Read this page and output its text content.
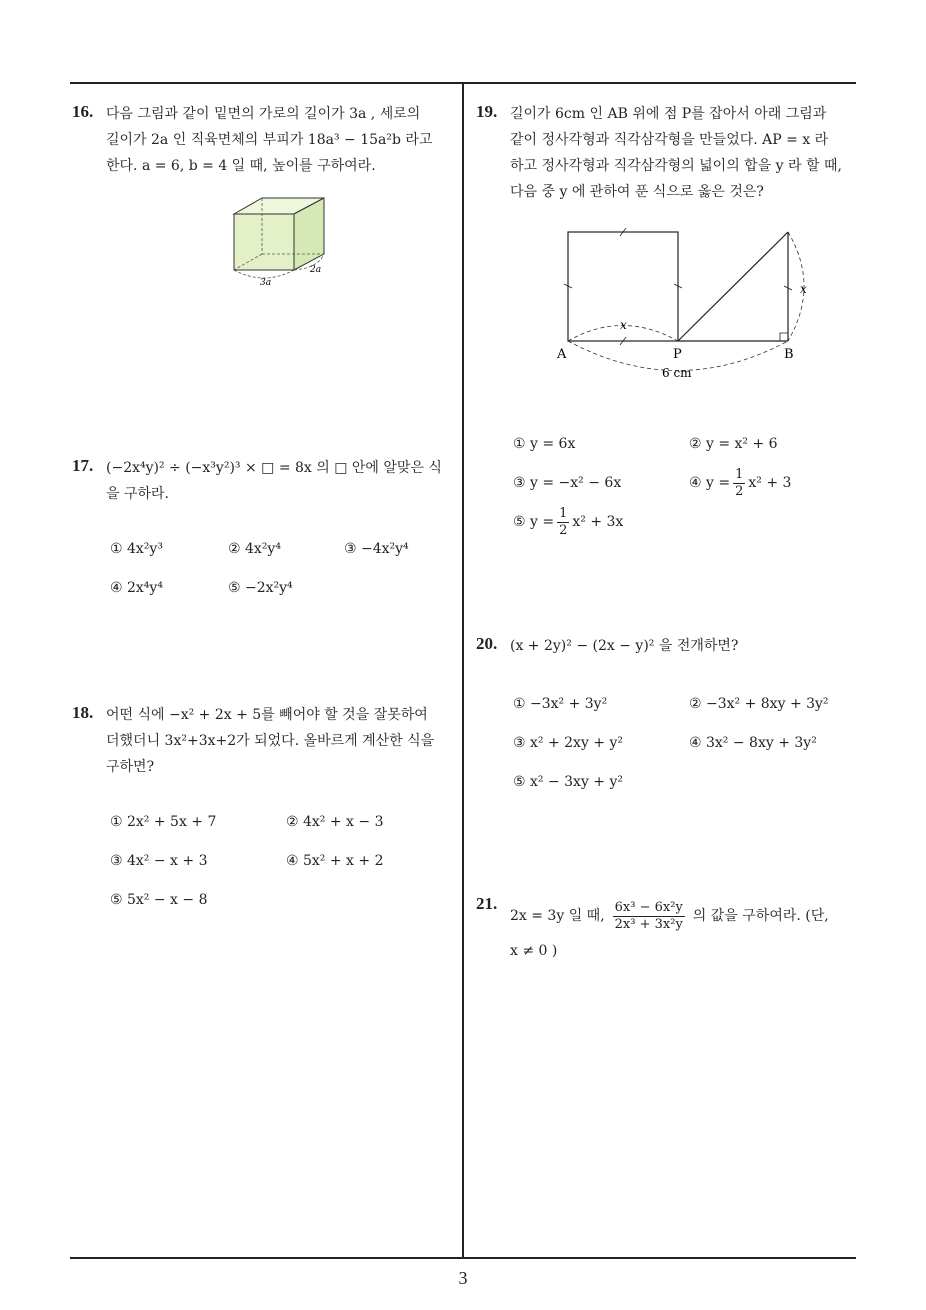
16. 다음 그림과 같이 밑면의 가로의 길이가 3a , 세로의
길이가 2a 인 직육면체의 부피가 18a³ − 15a²b 라고
한다. a = 6, b = 4 일 때, 높이를 구하여라.
3a
2a
17. (−2x⁴y)² ÷ (−x³y²)³ × □ = 8x 의 □ 안에 알맞은 식
을 구하라.
① 4x²y³	② 4x²y⁴	③ −4x²y⁴
④ 2x⁴y⁴	⑤ −2x²y⁴
18. 어떤 식에 −x² + 2x + 5를 빼어야 할 것을 잘못하여
더했더니 3x²+3x+2가 되었다. 올바르게 계산한 식을
구하면?
① 2x² + 5x + 7	② 4x² + x − 3
③ 4x² − x + 3	④ 5x² + x + 2
⑤ 5x² − x − 8
19. 길이가 6cm 인 AB 위에 점 P를 잡아서 아래 그림과
같이 정사각형과 직각삼각형을 만들었다. AP = x 라
하고 정사각형과 직각삼각형의 넓이의 합을 y 라 할 때,
다음 중 y 에 관하여 푼 식으로 옳은 것은?
A	P	B
x
x
6 cm
① y = 6x	② y = x² + 6
③ y = −x² − 6x	④ $y = \frac{1}{2} x^2 + 3$
⑤ $y = \frac{1}{2} x^2 + 3x$
20. (x + 2y)² − (2x − y)² 을 전개하면?
① −3x² + 3y²	② −3x² + 8xy + 3y²
③ x² + 2xy + y²	④ 3x² − 8xy + 3y²
⑤ x² − 3xy + y²
21.
2x = 3y 일 때, $\frac{\text{6x³ − 6x²y}}{\text{2x³ + 3x²y}}$ 의 값을 구하여라. (단,
x ≠ 0 )
3
